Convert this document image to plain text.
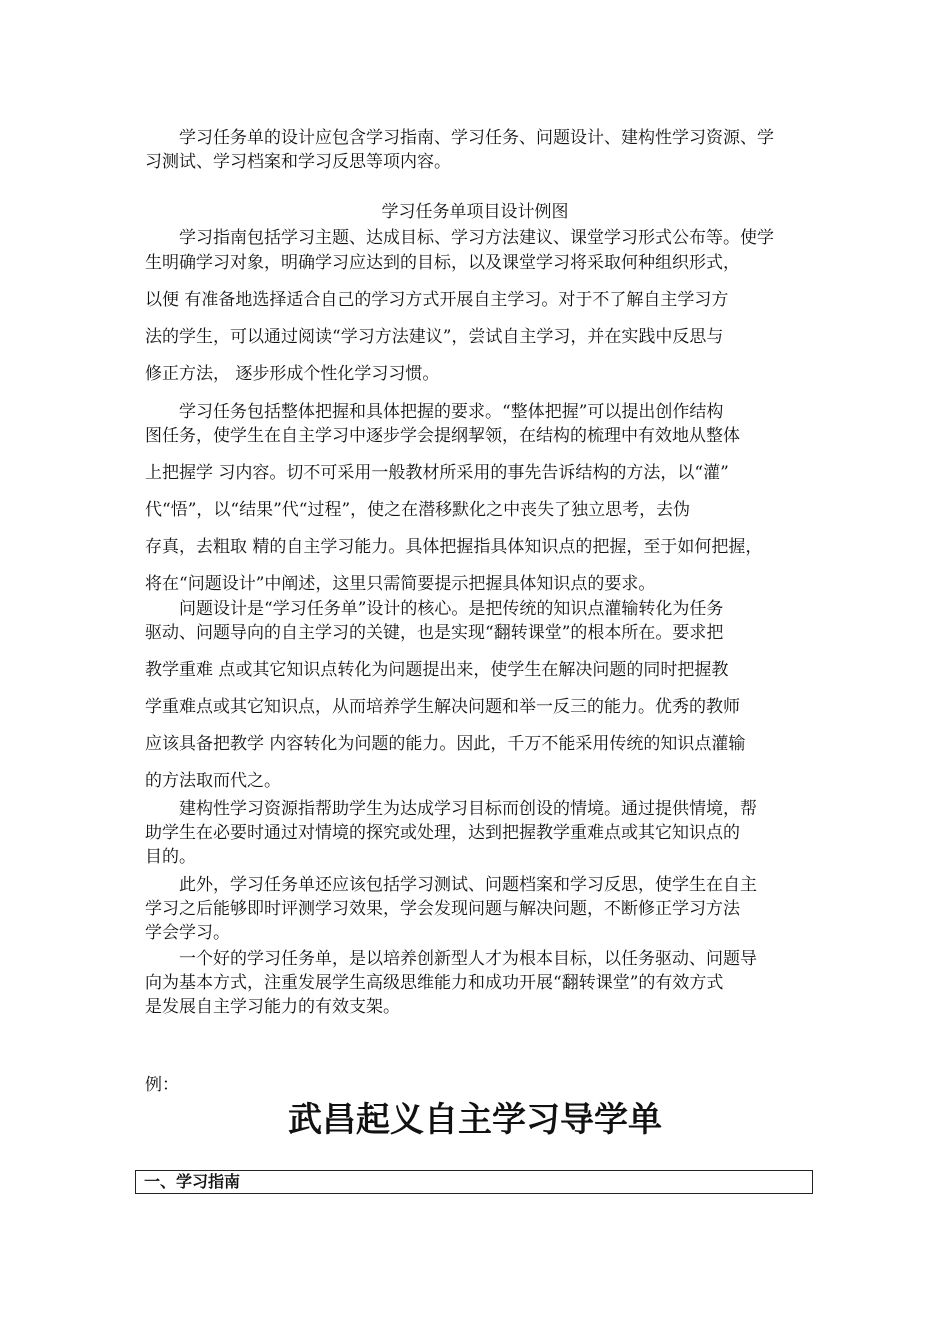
　　学习任务单的设计应包含学习指南、学习任务、问题设计、建构性学习资源、学
习测试、学习档案和学习反思等项内容。
学习任务单项目设计例图
　　学习指南包括学习主题、达成目标、学习方法建议、课堂学习形式公布等。使学
生明确学习对象，明确学习应达到的目标，以及课堂学习将采取何种组织形式，
以便 有准备地选择适合自己的学习方式开展自主学习。对于不了解自主学习方
法的学生，可以通过阅读“学习方法建议”，尝试自主学习，并在实践中反思与
修正方法， 逐步形成个性化学习习惯。
　　学习任务包括整体把握和具体把握的要求。“整体把握”可以提出创作结构
图任务，使学生在自主学习中逐步学会提纲挈领，在结构的梳理中有效地从整体
上把握学 习内容。切不可采用一般教材所采用的事先告诉结构的方法，以“灌”
代“悟”，以“结果”代“过程”，使之在潜移默化之中丧失了独立思考，去伪
存真，去粗取 精的自主学习能力。具体把握指具体知识点的把握，至于如何把握，
将在“问题设计”中阐述，这里只需简要提示把握具体知识点的要求。
　　问题设计是“学习任务单”设计的核心。是把传统的知识点灌输转化为任务
驱动、问题导向的自主学习的关键，也是实现“翻转课堂”的根本所在。要求把
教学重难 点或其它知识点转化为问题提出来，使学生在解决问题的同时把握教
学重难点或其它知识点，从而培养学生解决问题和举一反三的能力。优秀的教师
应该具备把教学 内容转化为问题的能力。因此，千万不能采用传统的知识点灌输
的方法取而代之。
　　建构性学习资源指帮助学生为达成学习目标而创设的情境。通过提供情境，帮
助学生在必要时通过对情境的探究或处理，达到把握教学重难点或其它知识点的
目的。
　　此外，学习任务单还应该包括学习测试、问题档案和学习反思，使学生在自主
学习之后能够即时评测学习效果，学会发现问题与解决问题，不断修正学习方法
学会学习。
　　一个好的学习任务单，是以培养创新型人才为根本目标，以任务驱动、问题导
向为基本方式，注重发展学生高级思维能力和成功开展“翻转课堂”的有效方式
是发展自主学习能力的有效支架。
例：
武昌起义自主学习导学单
一、学习指南
